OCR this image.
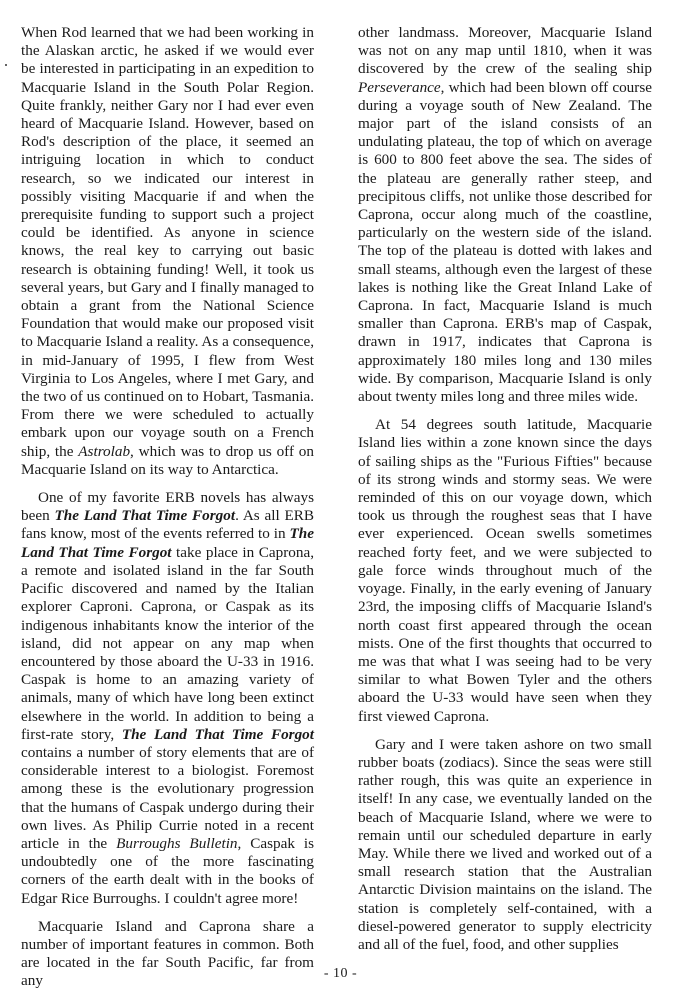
When Rod learned that we had been working in the Alaskan arctic, he asked if we would ever be interested in participating in an expedition to Macquarie Island in the South Polar Region. Quite frankly, neither Gary nor I had ever even heard of Macquarie Island. However, based on Rod's description of the place, it seemed an intriguing location in which to conduct research, so we indicated our interest in possibly visiting Macquarie if and when the prerequisite funding to support such a project could be identified. As anyone in science knows, the real key to carrying out basic research is obtaining funding! Well, it took us several years, but Gary and I finally managed to obtain a grant from the National Science Foundation that would make our proposed visit to Macquarie Island a reality. As a consequence, in mid-January of 1995, I flew from West Virginia to Los Angeles, where I met Gary, and the two of us continued on to Hobart, Tasmania. From there we were scheduled to actually embark upon our voyage south on a French ship, the Astrolab, which was to drop us off on Macquarie Island on its way to Antarctica.

One of my favorite ERB novels has always been The Land That Time Forgot. As all ERB fans know, most of the events referred to in The Land That Time Forgot take place in Caprona, a remote and isolated island in the far South Pacific discovered and named by the Italian explorer Caproni. Caprona, or Caspak as its indigenous inhabitants know the interior of the island, did not appear on any map when encountered by those aboard the U-33 in 1916. Caspak is home to an amazing variety of animals, many of which have long been extinct elsewhere in the world. In addition to being a first-rate story, The Land That Time Forgot contains a number of story elements that are of considerable interest to a biologist. Foremost among these is the evolutionary progression that the humans of Caspak undergo during their own lives. As Philip Currie noted in a recent article in the Burroughs Bulletin, Caspak is undoubtedly one of the more fascinating corners of the earth dealt with in the books of Edgar Rice Burroughs. I couldn't agree more!

Macquarie Island and Caprona share a number of important features in common. Both are located in the far South Pacific, far from any

other landmass. Moreover, Macquarie Island was not on any map until 1810, when it was discovered by the crew of the sealing ship Perseverance, which had been blown off course during a voyage south of New Zealand. The major part of the island consists of an undulating plateau, the top of which on average is 600 to 800 feet above the sea. The sides of the plateau are generally rather steep, and precipitous cliffs, not unlike those described for Caprona, occur along much of the coastline, particularly on the western side of the island. The top of the plateau is dotted with lakes and small steams, although even the largest of these lakes is nothing like the Great Inland Lake of Caprona. In fact, Macquarie Island is much smaller than Caprona. ERB's map of Caspak, drawn in 1917, indicates that Caprona is approximately 180 miles long and 130 miles wide. By comparison, Macquarie Island is only about twenty miles long and three miles wide.

At 54 degrees south latitude, Macquarie Island lies within a zone known since the days of sailing ships as the "Furious Fifties" because of its strong winds and stormy seas. We were reminded of this on our voyage down, which took us through the roughest seas that I have ever experienced. Ocean swells sometimes reached forty feet, and we were subjected to gale force winds throughout much of the voyage. Finally, in the early evening of January 23rd, the imposing cliffs of Macquarie Island's north coast first appeared through the ocean mists. One of the first thoughts that occurred to me was that what I was seeing had to be very similar to what Bowen Tyler and the others aboard the U-33 would have seen when they first viewed Caprona.

Gary and I were taken ashore on two small rubber boats (zodiacs). Since the seas were still rather rough, this was quite an experience in itself! In any case, we eventually landed on the beach of Macquarie Island, where we were to remain until our scheduled departure in early May. While there we lived and worked out of a small research station that the Australian Antarctic Division maintains on the island. The station is completely self-contained, with a diesel-powered generator to supply electricity and all of the fuel, food, and other supplies

- 10 -
